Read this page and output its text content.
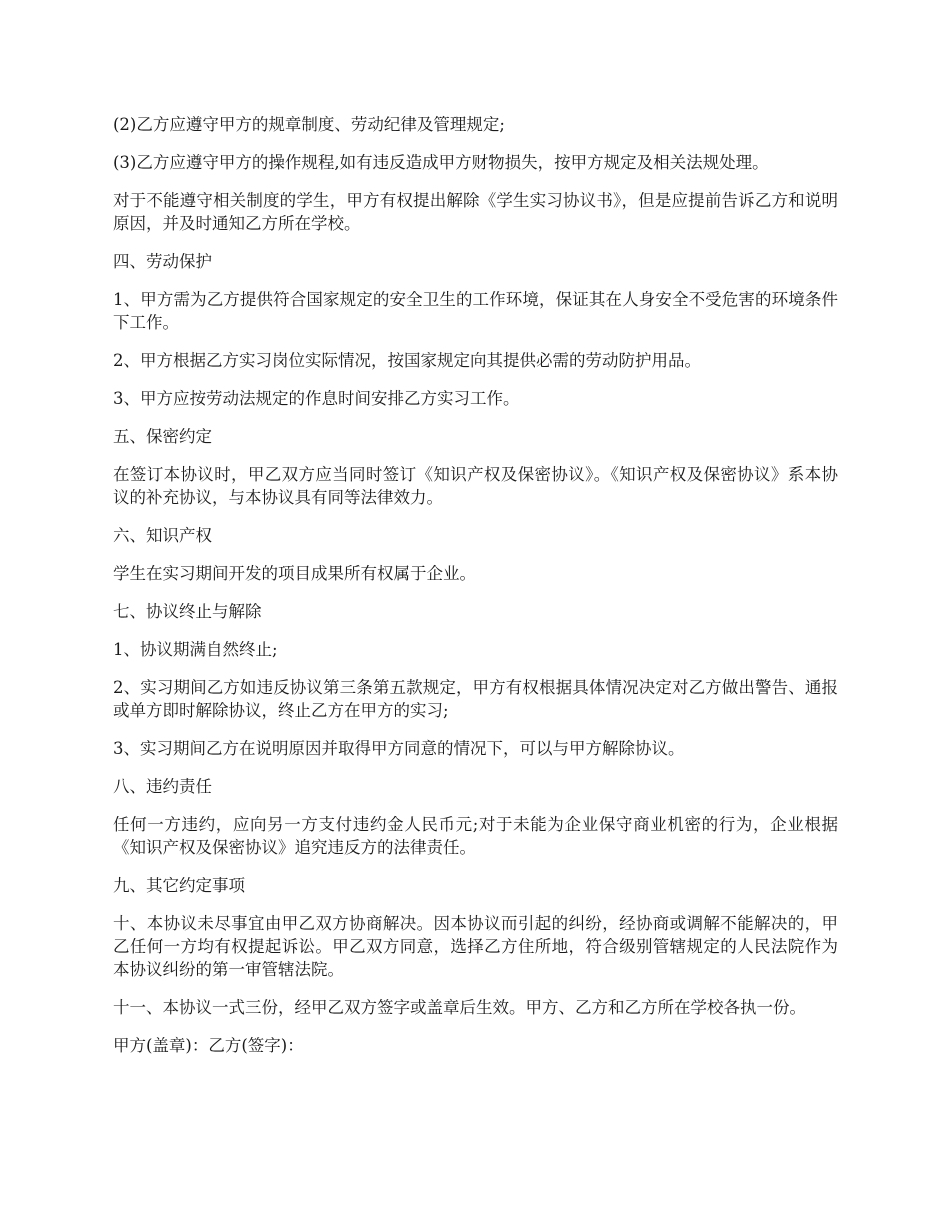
(2)乙方应遵守甲方的规章制度、劳动纪律及管理规定;

(3)乙方应遵守甲方的操作规程,如有违反造成甲方财物损失，按甲方规定及相关法规处理。

对于不能遵守相关制度的学生，甲方有权提出解除《学生实习协议书》，但是应提前告诉乙方和说明原因，并及时通知乙方所在学校。

四、劳动保护

1、甲方需为乙方提供符合国家规定的安全卫生的工作环境，保证其在人身安全不受危害的环境条件下工作。

2、甲方根据乙方实习岗位实际情况，按国家规定向其提供必需的劳动防护用品。

3、甲方应按劳动法规定的作息时间安排乙方实习工作。

五、保密约定

在签订本协议时，甲乙双方应当同时签订《知识产权及保密协议》。《知识产权及保密协议》系本协议的补充协议，与本协议具有同等法律效力。

六、知识产权

学生在实习期间开发的项目成果所有权属于企业。

七、协议终止与解除

1、协议期满自然终止;

2、实习期间乙方如违反协议第三条第五款规定，甲方有权根据具体情况决定对乙方做出警告、通报或单方即时解除协议，终止乙方在甲方的实习;

3、实习期间乙方在说明原因并取得甲方同意的情况下，可以与甲方解除协议。

八、违约责任

任何一方违约，应向另一方支付违约金人民币元;对于未能为企业保守商业机密的行为，企业根据《知识产权及保密协议》追究违反方的法律责任。

九、其它约定事项

十、本协议未尽事宜由甲乙双方协商解决。因本协议而引起的纠纷，经协商或调解不能解决的，甲乙任何一方均有权提起诉讼。甲乙双方同意，选择乙方住所地，符合级别管辖规定的人民法院作为本协议纠纷的第一审管辖法院。

十一、本协议一式三份，经甲乙双方签字或盖章后生效。甲方、乙方和乙方所在学校各执一份。

甲方(盖章)：乙方(签字)：
